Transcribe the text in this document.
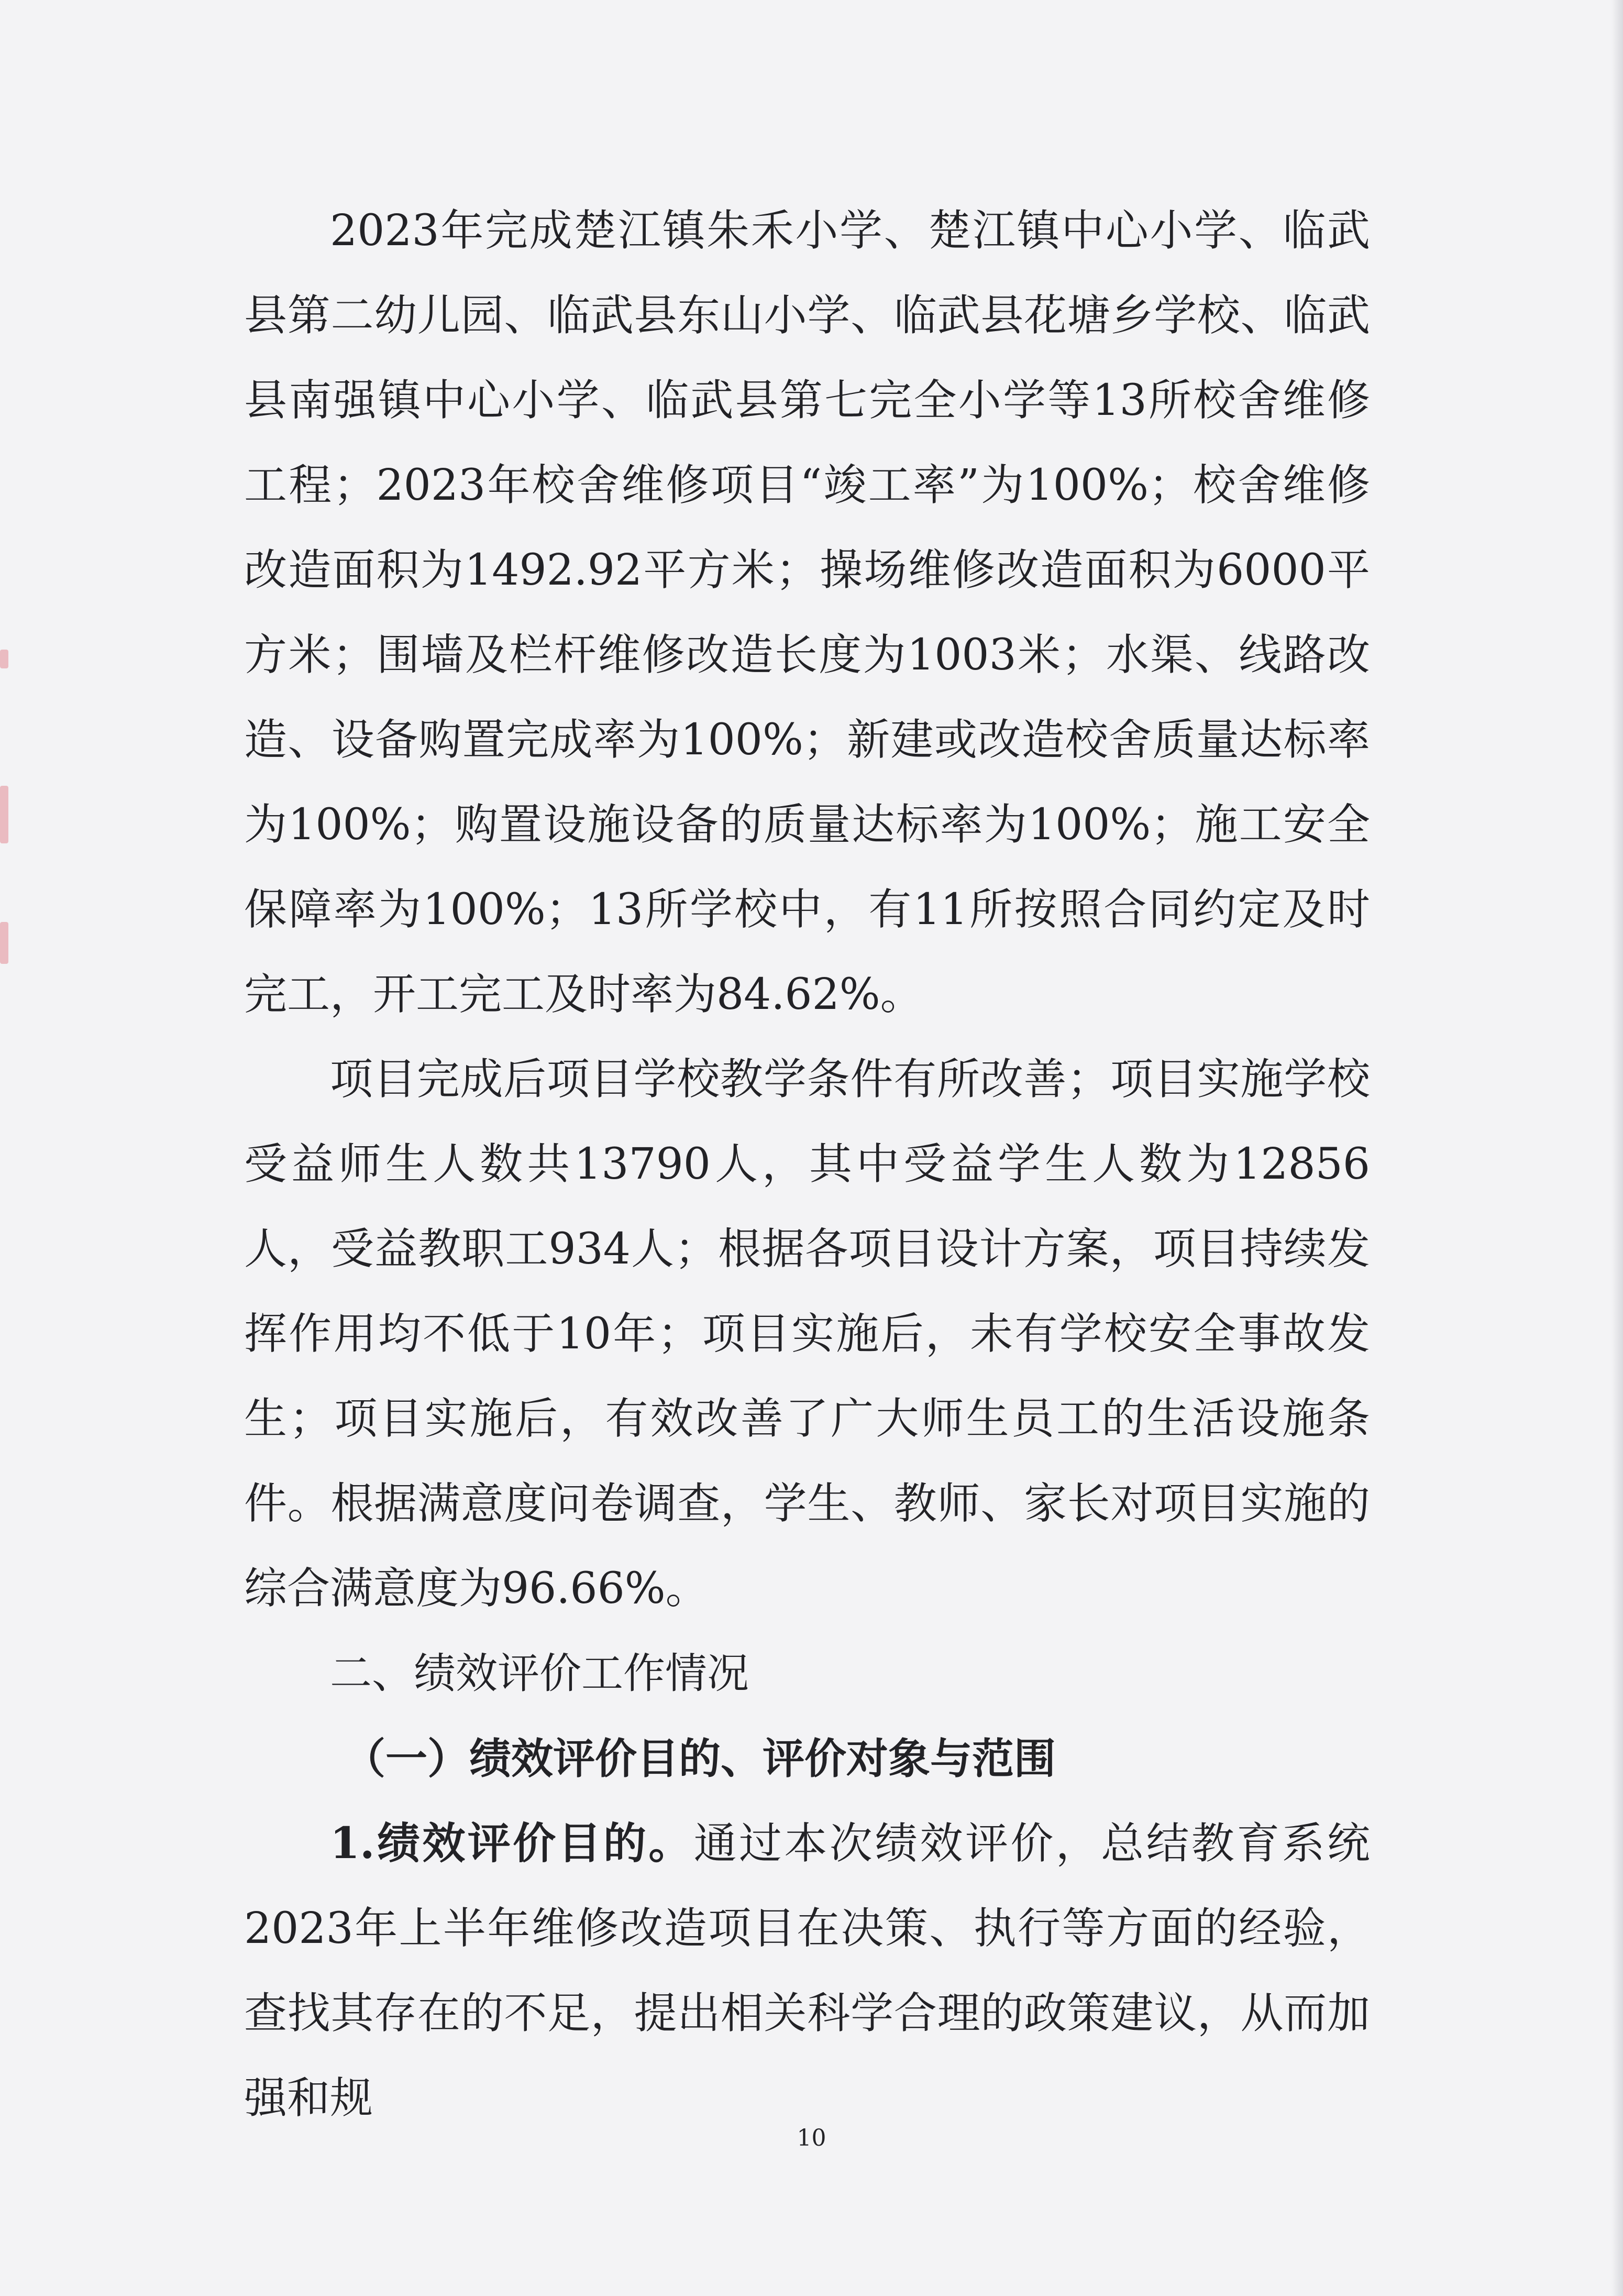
2023年完成楚江镇朱禾小学、楚江镇中心小学、临武县第二幼儿园、临武县东山小学、临武县花塘乡学校、临武县南强镇中心小学、临武县第七完全小学等13所校舍维修工程；2023年校舍维修项目“竣工率”为100%；校舍维修改造面积为1492.92平方米；操场维修改造面积为6000平方米；围墙及栏杆维修改造长度为1003米；水渠、线路改造、设备购置完成率为100%；新建或改造校舍质量达标率为100%；购置设施设备的质量达标率为100%；施工安全保障率为100%；13所学校中，有11所按照合同约定及时完工，开工完工及时率为84.62%。

项目完成后项目学校教学条件有所改善；项目实施学校受益师生人数共13790人，其中受益学生人数为12856人，受益教职工934人；根据各项目设计方案，项目持续发挥作用均不低于10年；项目实施后，未有学校安全事故发生；项目实施后，有效改善了广大师生员工的生活设施条件。根据满意度问卷调查，学生、教师、家长对项目实施的综合满意度为96.66%。

二、绩效评价工作情况

（一）绩效评价目的、评价对象与范围

1.绩效评价目的。通过本次绩效评价，总结教育系统2023年上半年维修改造项目在决策、执行等方面的经验，查找其存在的不足，提出相关科学合理的政策建议，从而加强和规

10
